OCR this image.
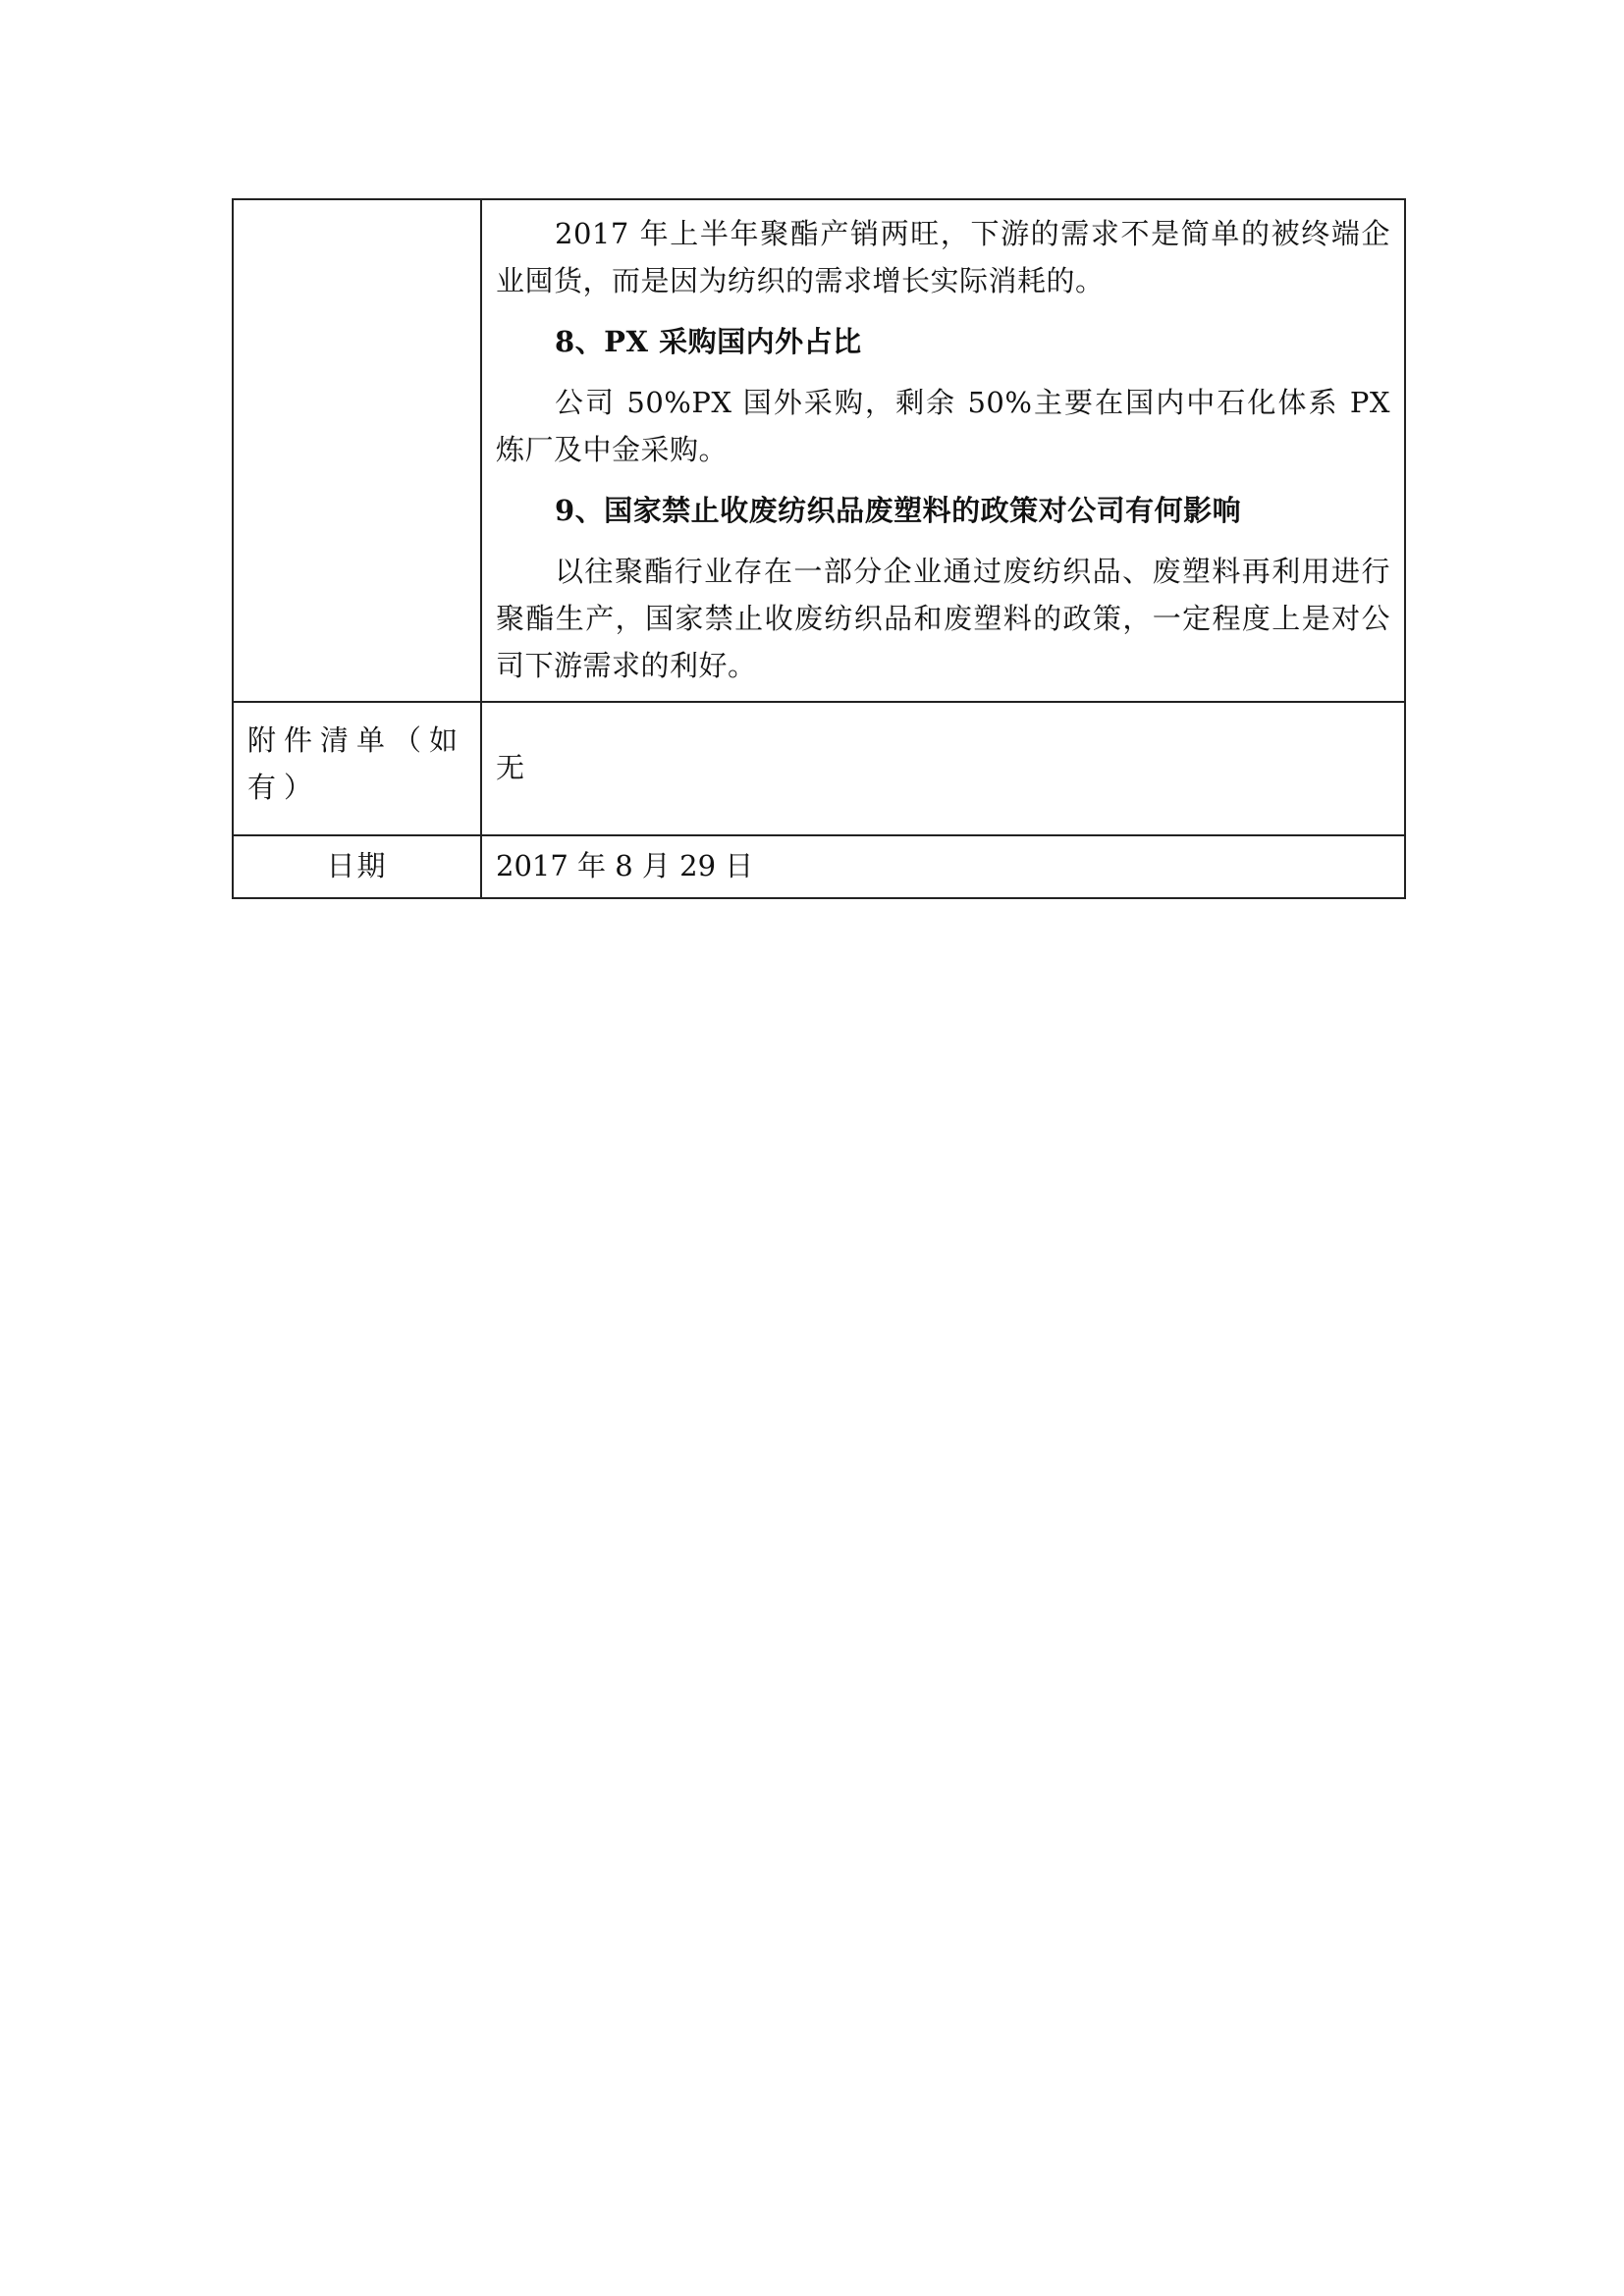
	2017 年上半年聚酯产销两旺，下游的需求不是简单的被终端企业囤货，而是因为纺织的需求增长实际消耗的。

8、PX 采购国内外占比

公司 50%PX 国外采购，剩余 50%主要在国内中石化体系 PX 炼厂及中金采购。

9、国家禁止收废纺织品废塑料的政策对公司有何影响

以往聚酯行业存在一部分企业通过废纺织品、废塑料再利用进行聚酯生产，国家禁止收废纺织品和废塑料的政策，一定程度上是对公司下游需求的利好。

附件清单（如有）	无
日期	2017 年 8 月 29 日
